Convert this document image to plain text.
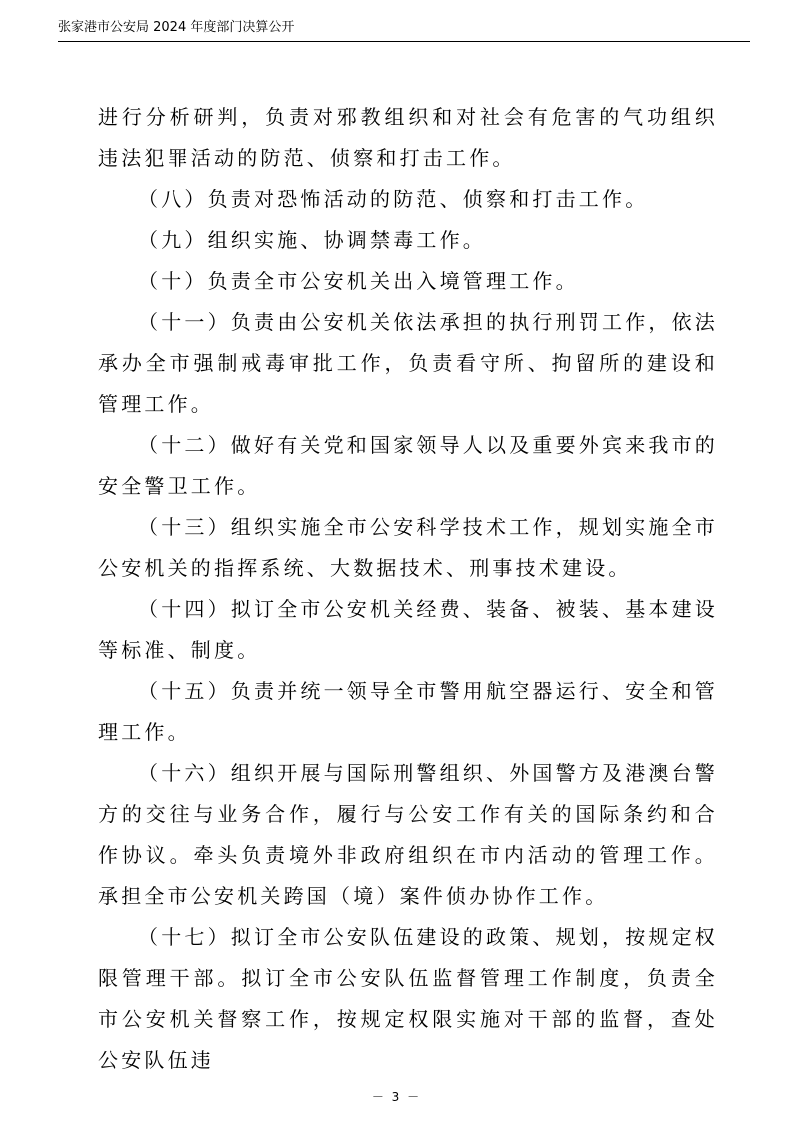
张家港市公安局 2024 年度部门决算公开

进行分析研判，负责对邪教组织和对社会有危害的气功组织违法犯罪活动的防范、侦察和打击工作。

（八）负责对恐怖活动的防范、侦察和打击工作。

（九）组织实施、协调禁毒工作。

（十）负责全市公安机关出入境管理工作。

（十一）负责由公安机关依法承担的执行刑罚工作，依法承办全市强制戒毒审批工作，负责看守所、拘留所的建设和管理工作。

（十二）做好有关党和国家领导人以及重要外宾来我市的安全警卫工作。

（十三）组织实施全市公安科学技术工作，规划实施全市公安机关的指挥系统、大数据技术、刑事技术建设。

（十四）拟订全市公安机关经费、装备、被装、基本建设等标准、制度。

（十五）负责并统一领导全市警用航空器运行、安全和管理工作。

（十六）组织开展与国际刑警组织、外国警方及港澳台警方的交往与业务合作，履行与公安工作有关的国际条约和合作协议。牵头负责境外非政府组织在市内活动的管理工作。承担全市公安机关跨国（境）案件侦办协作工作。

（十七）拟订全市公安队伍建设的政策、规划，按规定权限管理干部。拟订全市公安队伍监督管理工作制度，负责全市公安机关督察工作，按规定权限实施对干部的监督，查处公安队伍违

－ 3 －
